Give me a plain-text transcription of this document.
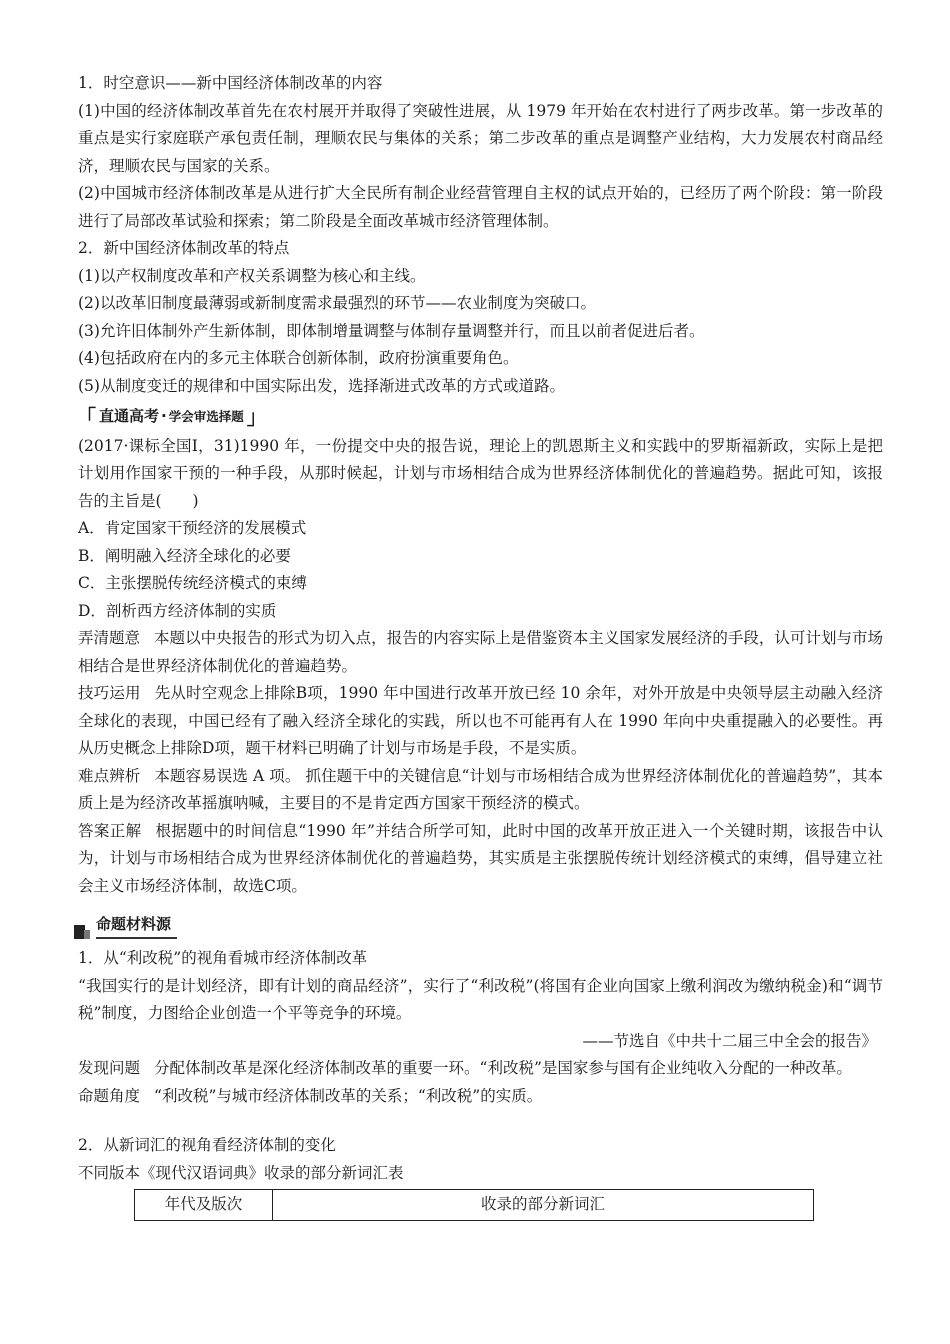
1．时空意识——新中国经济体制改革的内容

(1)中国的经济体制改革首先在农村展开并取得了突破性进展，从 1979 年开始在农村进行了两步改革。第一步改革的重点是实行家庭联产承包责任制，理顺农民与集体的关系；第二步改革的重点是调整产业结构，大力发展农村商品经济，理顺农民与国家的关系。

(2)中国城市经济体制改革是从进行扩大全民所有制企业经营管理自主权的试点开始的，已经历了两个阶段：第一阶段进行了局部改革试验和探索；第二阶段是全面改革城市经济管理体制。

2．新中国经济体制改革的特点

(1)以产权制度改革和产权关系调整为核心和主线。

(2)以改革旧制度最薄弱或新制度需求最强烈的环节——农业制度为突破口。

(3)允许旧体制外产生新体制，即体制增量调整与体制存量调整并行，而且以前者促进后者。

(4)包括政府在内的多元主体联合创新体制，政府扮演重要角色。

(5)从制度变迁的规律和中国实际出发，选择渐进式改革的方式或道路。

「 直通高考 · 学会审选择题 」

(2017·课标全国Ⅰ，31)1990 年，一份提交中央的报告说，理论上的凯恩斯主义和实践中的罗斯福新政，实际上是把计划用作国家干预的一种手段，从那时候起，计划与市场相结合成为世界经济体制优化的普遍趋势。据此可知，该报告的主旨是(　　)

A．肯定国家干预经济的发展模式

B．阐明融入经济全球化的必要

C．主张摆脱传统经济模式的束缚

D．剖析西方经济体制的实质

弄清题意 本题以中央报告的形式为切入点，报告的内容实际上是借鉴资本主义国家发展经济的手段，认可计划与市场相结合是世界经济体制优化的普遍趋势。

技巧运用 先从时空观念上排除B项，1990 年中国进行改革开放已经 10 余年，对外开放是中央领导层主动融入经济全球化的表现，中国已经有了融入经济全球化的实践，所以也不可能再有人在 1990 年向中央重提融入的必要性。再从历史概念上排除D项，题干材料已明确了计划与市场是手段，不是实质。

难点辨析 本题容易误选 A 项。 抓住题干中的关键信息“计划与市场相结合成为世界经济体制优化的普遍趋势”，其本质上是为经济改革摇旗呐喊，主要目的不是肯定西方国家干预经济的模式。

答案正解 根据题中的时间信息“1990 年”并结合所学可知，此时中国的改革开放正进入一个关键时期，该报告中认为，计划与市场相结合成为世界经济体制优化的普遍趋势，其实质是主张摆脱传统计划经济模式的束缚，倡导建立社会主义市场经济体制，故选C项。

命题材料源

1．从“利改税”的视角看城市经济体制改革

“我国实行的是计划经济，即有计划的商品经济”，实行了“利改税”(将国有企业向国家上缴利润改为缴纳税金)和“调节税”制度，力图给企业创造一个平等竞争的环境。

——节选自《中共十二届三中全会的报告》

发现问题 分配体制改革是深化经济体制改革的重要一环。“利改税”是国家参与国有企业纯收入分配的一种改革。

命题角度 “利改税”与城市经济体制改革的关系；“利改税”的实质。

2．从新词汇的视角看经济体制的变化

不同版本《现代汉语词典》收录的部分新词汇表

年代及版次	收录的部分新词汇
